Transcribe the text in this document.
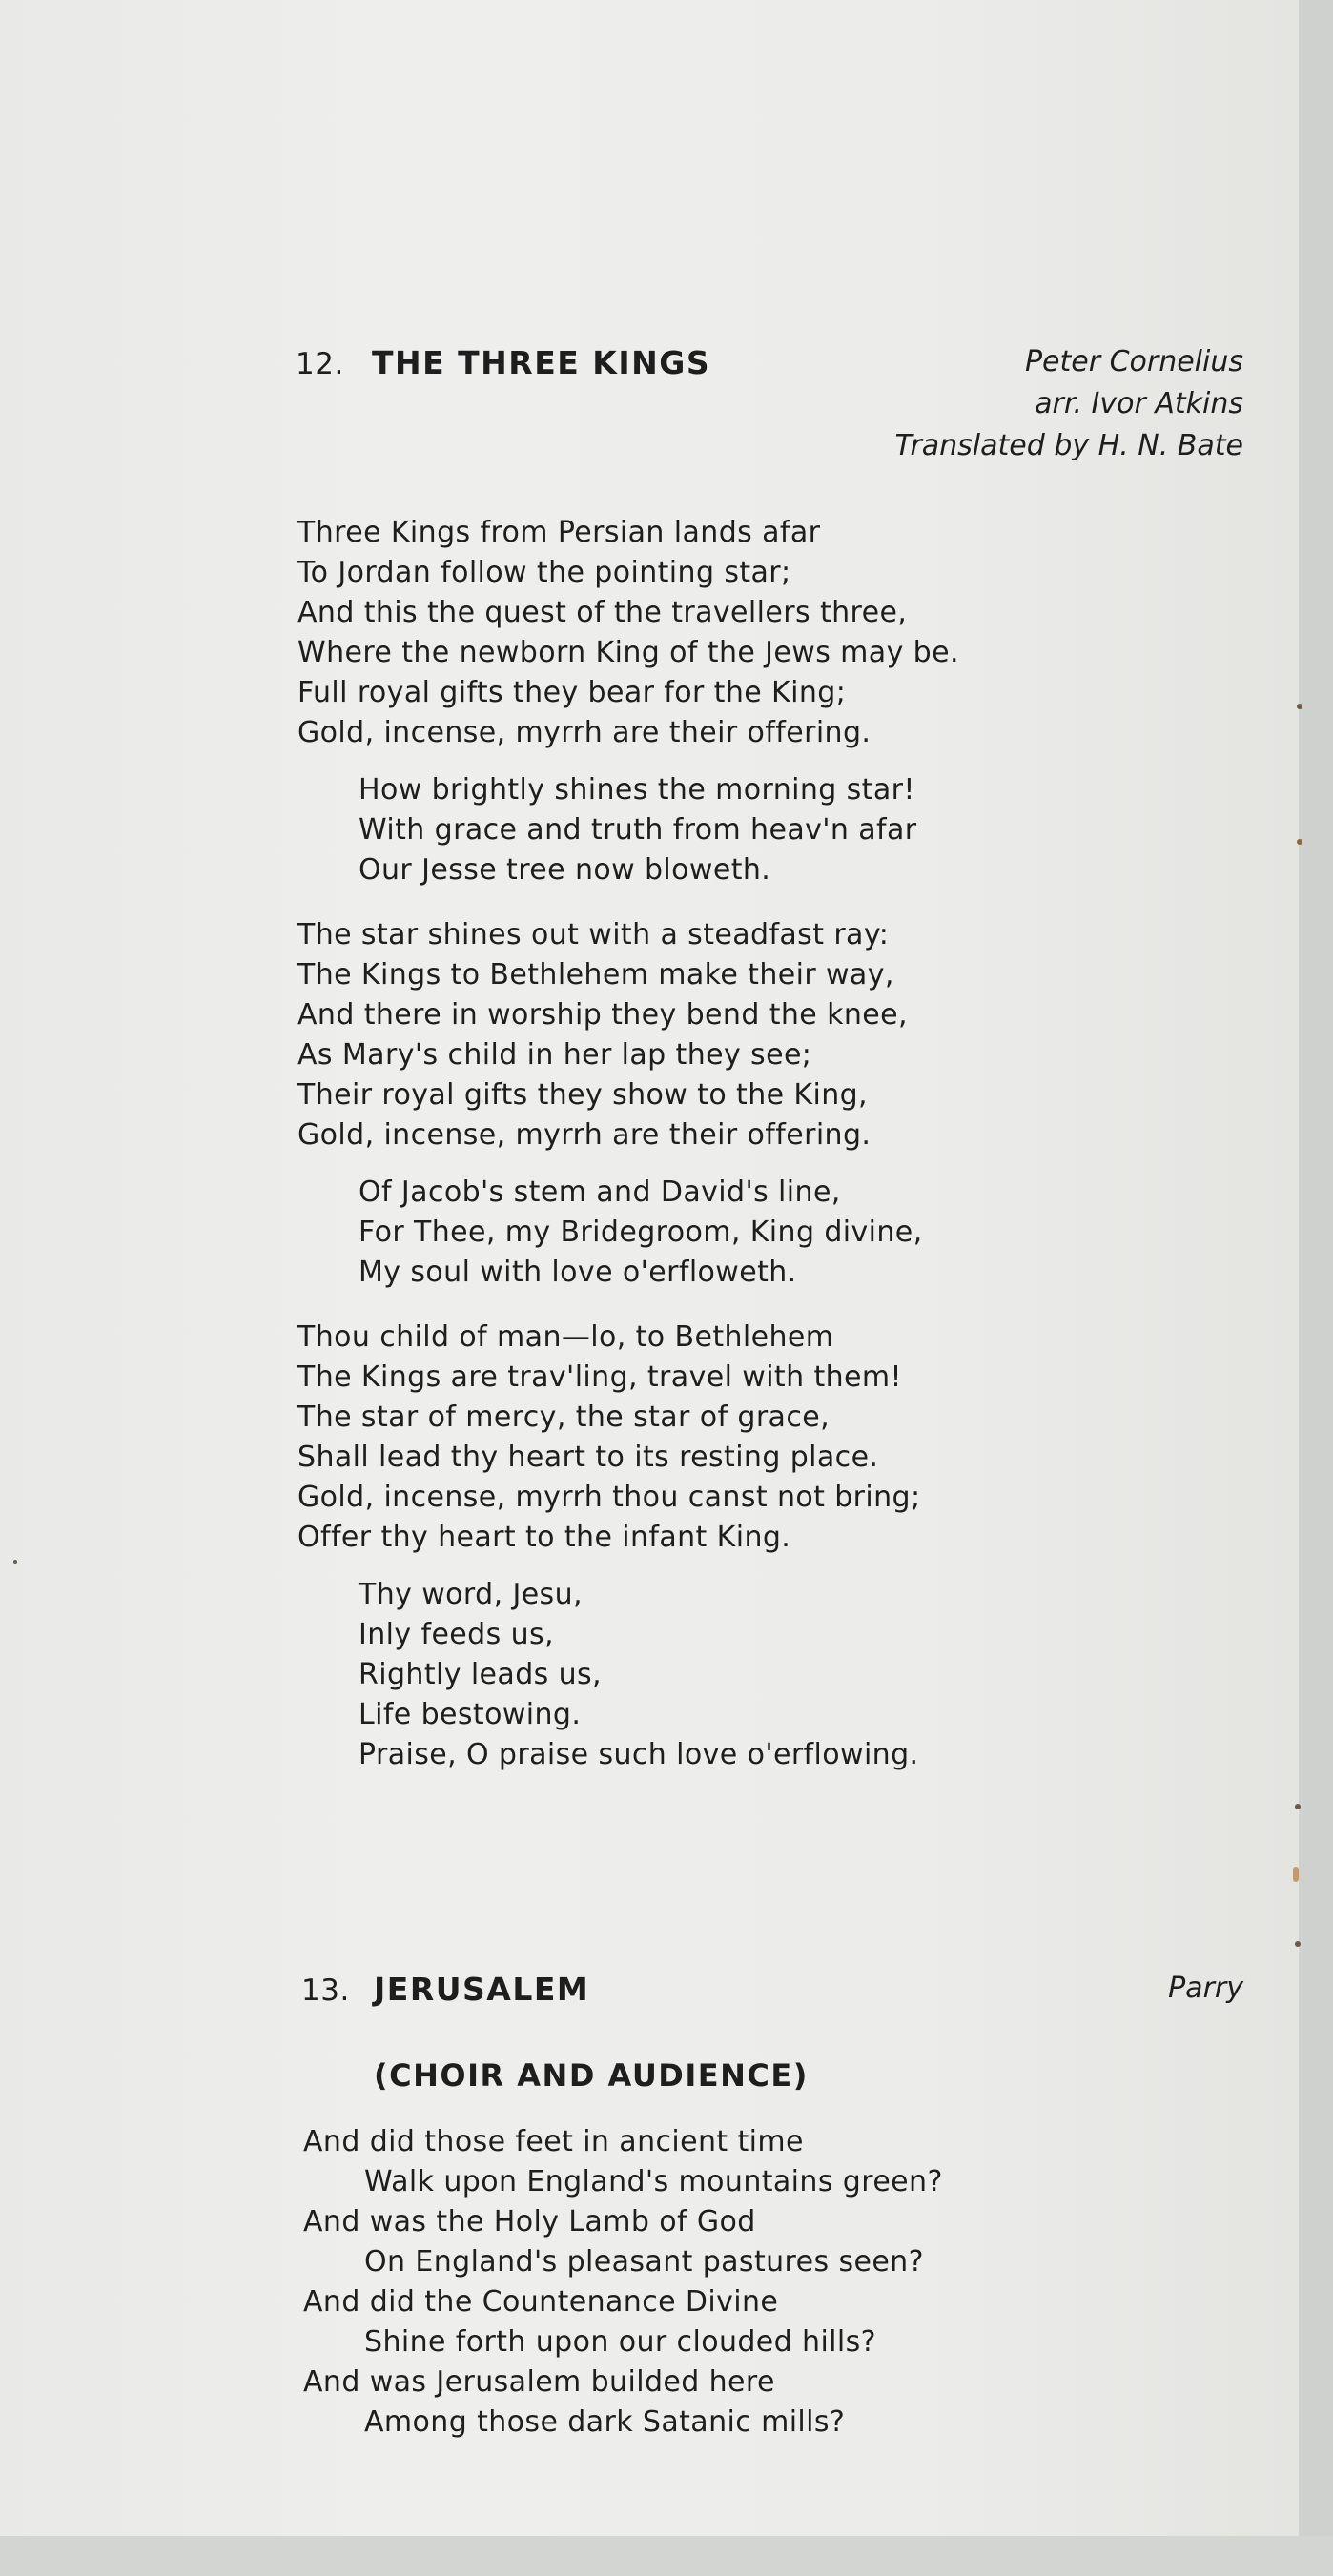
12. THE THREE KINGS	Peter Cornelius
arr. Ivor Atkins
Translated by H. N. Bate
Three Kings from Persian lands afar
To Jordan follow the pointing star;
And this the quest of the travellers three,
Where the newborn King of the Jews may be.
Full royal gifts they bear for the King;
Gold, incense, myrrh are their offering.
How brightly shines the morning star!
With grace and truth from heav'n afar
Our Jesse tree now bloweth.
The star shines out with a steadfast ray:
The Kings to Bethlehem make their way,
And there in worship they bend the knee,
As Mary's child in her lap they see;
Their royal gifts they show to the King,
Gold, incense, myrrh are their offering.
Of Jacob's stem and David's line,
For Thee, my Bridegroom, King divine,
My soul with love o'erfloweth.
Thou child of man—lo, to Bethlehem
The Kings are trav'ling, travel with them!
The star of mercy, the star of grace,
Shall lead thy heart to its resting place.
Gold, incense, myrrh thou canst not bring;
Offer thy heart to the infant King.
Thy word, Jesu,
Inly feeds us,
Rightly leads us,
Life bestowing.
Praise, O praise such love o'erflowing.
13. JERUSALEM	Parry
(CHOIR AND AUDIENCE)
And did those feet in ancient time
Walk upon England's mountains green?
And was the Holy Lamb of God
On England's pleasant pastures seen?
And did the Countenance Divine
Shine forth upon our clouded hills?
And was Jerusalem builded here
Among those dark Satanic mills?
